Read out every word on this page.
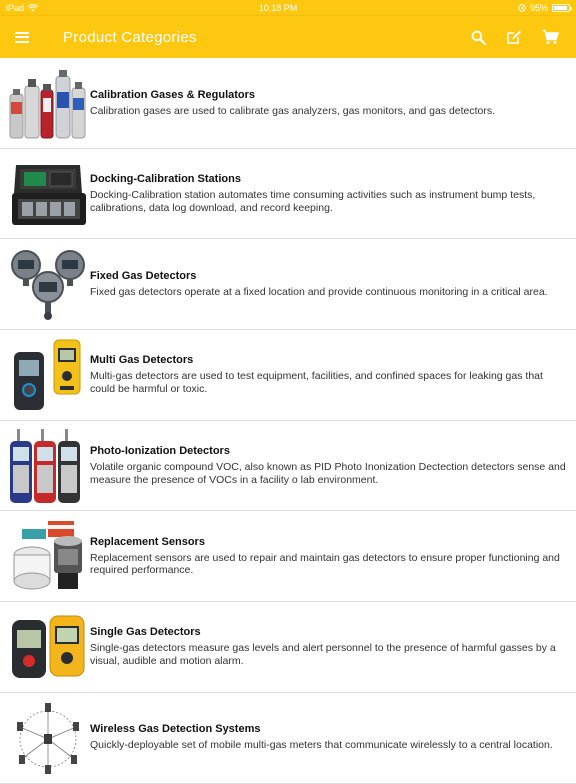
iPad	10:18 PM	95%
Product Categories
Calibration Gases & Regulators
Calibration gases are used to calibrate gas analyzers, gas monitors, and gas detectors.
Docking-Calibration Stations
Docking-Calibration station automates time consuming activities such as instrument bump tests, calibrations, data log download, and record keeping.
Fixed Gas Detectors
Fixed gas detectors operate at a fixed location and provide continuous monitoring in a critical area.
Multi Gas Detectors
Multi-gas detectors are used to test equipment, facilities, and confined spaces for leaking gas that could be harmful or toxic.
Photo-Ionization Detectors
Volatile organic compound VOC, also known as PID Photo Inonization Dectection detectors sense and measure the presence of VOCs in a facility o lab environment.
Replacement Sensors
Replacement sensors are used to repair and maintain gas detectors to ensure proper functioning and required performance.
Single Gas Detectors
Single-gas detectors measure gas levels and alert personnel to the presence of harmful gasses by a visual, audible and motion alarm.
Wireless Gas Detection Systems
Quickly-deployable set of mobile multi-gas meters that communicate wirelessly to a central location.
